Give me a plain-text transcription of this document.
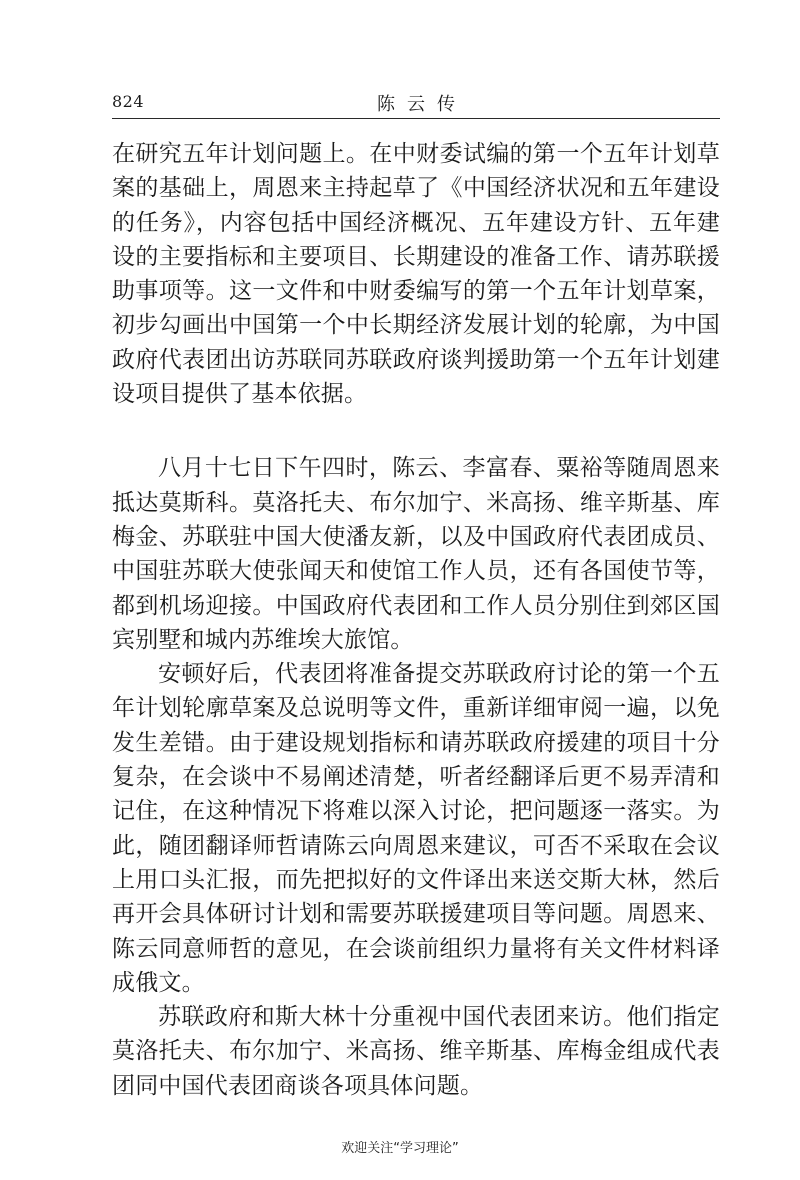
824	陈云传

在研究五年计划问题上。在中财委试编的第一个五年计划草案的基础上，周恩来主持起草了《中国经济状况和五年建设的任务》，内容包括中国经济概况、五年建设方针、五年建设的主要指标和主要项目、长期建设的准备工作、请苏联援助事项等。这一文件和中财委编写的第一个五年计划草案，初步勾画出中国第一个中长期经济发展计划的轮廓，为中国政府代表团出访苏联同苏联政府谈判援助第一个五年计划建设项目提供了基本依据。

八月十七日下午四时，陈云、李富春、粟裕等随周恩来抵达莫斯科。莫洛托夫、布尔加宁、米高扬、维辛斯基、库梅金、苏联驻中国大使潘友新，以及中国政府代表团成员、中国驻苏联大使张闻天和使馆工作人员，还有各国使节等，都到机场迎接。中国政府代表团和工作人员分别住到郊区国宾别墅和城内苏维埃大旅馆。

安顿好后，代表团将准备提交苏联政府讨论的第一个五年计划轮廓草案及总说明等文件，重新详细审阅一遍，以免发生差错。由于建设规划指标和请苏联政府援建的项目十分复杂，在会谈中不易阐述清楚，听者经翻译后更不易弄清和记住，在这种情况下将难以深入讨论，把问题逐一落实。为此，随团翻译师哲请陈云向周恩来建议，可否不采取在会议上用口头汇报，而先把拟好的文件译出来送交斯大林，然后再开会具体研讨计划和需要苏联援建项目等问题。周恩来、陈云同意师哲的意见，在会谈前组织力量将有关文件材料译成俄文。

苏联政府和斯大林十分重视中国代表团来访。他们指定莫洛托夫、布尔加宁、米高扬、维辛斯基、库梅金组成代表团同中国代表团商谈各项具体问题。

欢迎关注“学习理论”
